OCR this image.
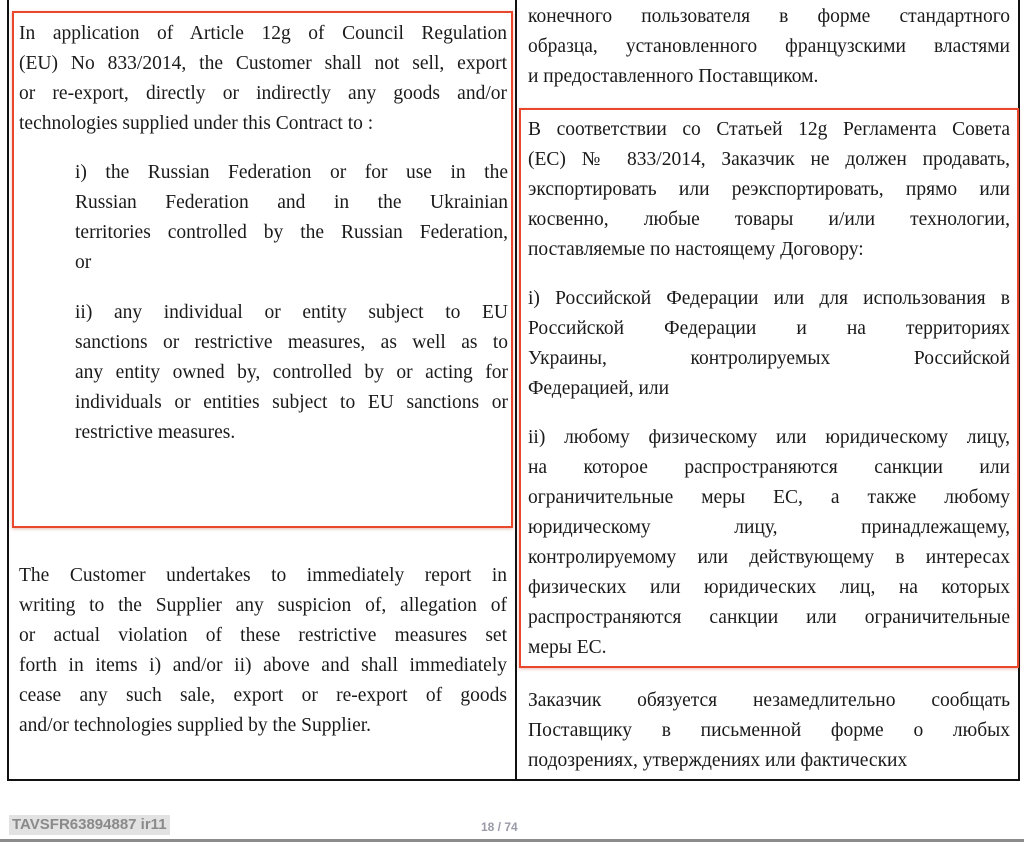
In application of Article 12g of Council Regulation
(EU) No 833/2014, the Customer shall not sell, export
or re-export, directly or indirectly any goods and/or
technologies supplied under this Contract to :
i) the Russian Federation or for use in the
Russian Federation and in the Ukrainian
territories controlled by the Russian Federation,
or
ii) any individual or entity subject to EU
sanctions or restrictive measures, as well as to
any entity owned by, controlled by or acting for
individuals or entities subject to EU sanctions or
restrictive measures.
The Customer undertakes to immediately report in
writing to the Supplier any suspicion of, allegation of
or actual violation of these restrictive measures set
forth in items i) and/or ii) above and shall immediately
cease any such sale, export or re-export of goods
and/or technologies supplied by the Supplier.
конечного пользователя в форме стандартного
образца, установленного французскими властями
и предоставленного Поставщиком.
В соответствии со Статьей 12g Регламента Совета
(ЕС) № 833/2014, Заказчик не должен продавать,
экспортировать или реэкспортировать, прямо или
косвенно, любые товары и/или технологии,
поставляемые по настоящему Договору:
i) Российской Федерации или для использования в
Российской Федерации и на территориях
Украины, контролируемых Российской
Федерацией, или
ii) любому физическому или юридическому лицу,
на которое распространяются санкции или
ограничительные меры ЕС, а также любому
юридическому лицу, принадлежащему,
контролируемому или действующему в интересах
физических или юридических лиц, на которых
распространяются санкции или ограничительные
меры ЕС.
Заказчик обязуется незамедлительно сообщать
Поставщику в письменной форме о любых
подозрениях, утверждениях или фактических
TAVSFR63894887 ir11	18 / 74
